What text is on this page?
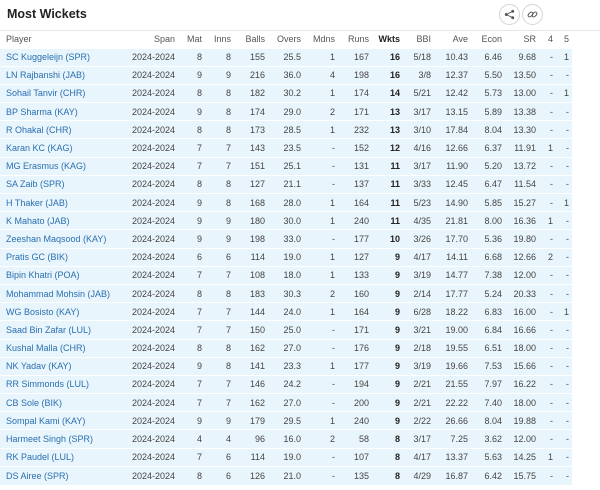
Most Wickets
Player	Span	Mat	Inns	Balls	Overs	Mdns	Runs	Wkts	BBI	Ave	Econ	SR	4	5
SC Kuggeleijn (SPR)	2024-2024	8	8	155	25.5	1	167	16	5/18	10.43	6.46	9.68	-	1
LN Rajbanshi (JAB)	2024-2024	9	9	216	36.0	4	198	16	3/8	12.37	5.50	13.50	-	-
Sohail Tanvir (CHR)	2024-2024	8	8	182	30.2	1	174	14	5/21	12.42	5.73	13.00	-	1
BP Sharma (KAY)	2024-2024	9	8	174	29.0	2	171	13	3/17	13.15	5.89	13.38	-	-
R Ohakal (CHR)	2024-2024	8	8	173	28.5	1	232	13	3/10	17.84	8.04	13.30	-	-
Karan KC (KAG)	2024-2024	7	7	143	23.5	-	152	12	4/16	12.66	6.37	11.91	1	-
MG Erasmus (KAG)	2024-2024	7	7	151	25.1	-	131	11	3/17	11.90	5.20	13.72	-	-
SA Zaib (SPR)	2024-2024	8	8	127	21.1	-	137	11	3/33	12.45	6.47	11.54	-	-
H Thaker (JAB)	2024-2024	9	8	168	28.0	1	164	11	5/23	14.90	5.85	15.27	-	1
K Mahato (JAB)	2024-2024	9	9	180	30.0	1	240	11	4/35	21.81	8.00	16.36	1	-
Zeeshan Maqsood (KAY)	2024-2024	9	9	198	33.0	-	177	10	3/26	17.70	5.36	19.80	-	-
Pratis GC (BIK)	2024-2024	6	6	114	19.0	1	127	9	4/17	14.11	6.68	12.66	2	-
Bipin Khatri (POA)	2024-2024	7	7	108	18.0	1	133	9	3/19	14.77	7.38	12.00	-	-
Mohammad Mohsin (JAB)	2024-2024	8	8	183	30.3	2	160	9	2/14	17.77	5.24	20.33	-	-
WG Bosisto (KAY)	2024-2024	7	7	144	24.0	1	164	9	6/28	18.22	6.83	16.00	-	1
Saad Bin Zafar (LUL)	2024-2024	7	7	150	25.0	-	171	9	3/21	19.00	6.84	16.66	-	-
Kushal Malla (CHR)	2024-2024	8	8	162	27.0	-	176	9	2/18	19.55	6.51	18.00	-	-
NK Yadav (KAY)	2024-2024	9	8	141	23.3	1	177	9	3/19	19.66	7.53	15.66	-	-
RR Simmonds (LUL)	2024-2024	7	7	146	24.2	-	194	9	2/21	21.55	7.97	16.22	-	-
CB Sole (BIK)	2024-2024	7	7	162	27.0	-	200	9	2/21	22.22	7.40	18.00	-	-
Sompal Kami (KAY)	2024-2024	9	9	179	29.5	1	240	9	2/22	26.66	8.04	19.88	-	-
Harmeet Singh (SPR)	2024-2024	4	4	96	16.0	2	58	8	3/17	7.25	3.62	12.00	-	-
RK Paudel (LUL)	2024-2024	7	6	114	19.0	-	107	8	4/17	13.37	5.63	14.25	1	-
DS Airee (SPR)	2024-2024	8	6	126	21.0	-	135	8	4/29	16.87	6.42	15.75	-	-
